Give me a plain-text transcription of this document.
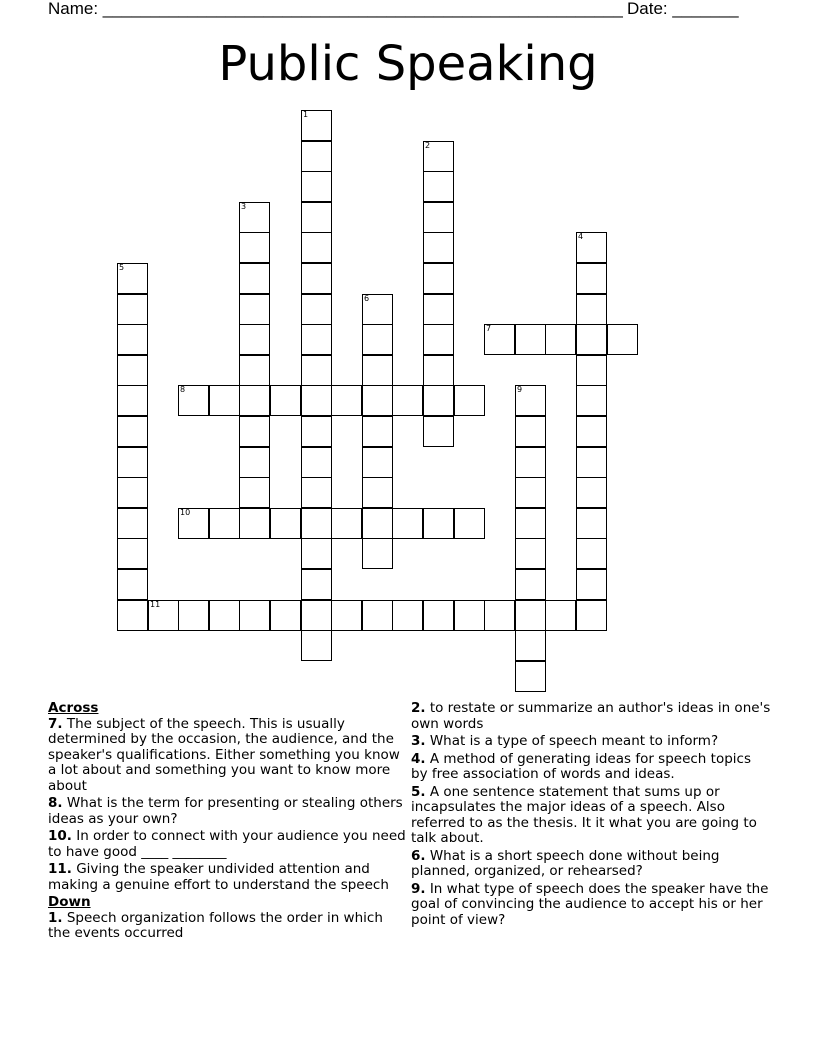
Name: _______________________________________________________ Date: _______
Public Speaking
1
2
3
4
5
6
7
8	9
10
11
Across
7. The subject of the speech. This is usually determined by the occasion, the audience, and the speaker's qualifications. Either something you know a lot about and something you want to know more about
8. What is the term for presenting or stealing others ideas as your own?
10. In order to connect with your audience you need to have good ____ ________
11. Giving the speaker undivided attention and making a genuine effort to understand the speech
Down
1. Speech organization follows the order in which the events occurred
2. to restate or summarize an author's ideas in one's own words
3. What is a type of speech meant to inform?
4. A method of generating ideas for speech topics by free association of words and ideas.
5. A one sentence statement that sums up or incapsulates the major ideas of a speech. Also referred to as the thesis. It it what you are going to talk about.
6. What is a short speech done without being planned, organized, or rehearsed?
9. In what type of speech does the speaker have the goal of convincing the audience to accept his or her point of view?
